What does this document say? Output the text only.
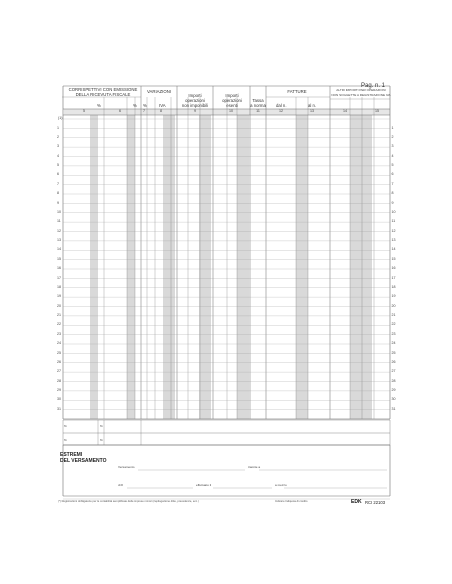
Pag. n. 1
CORRISPETTIVI CON EMISSIONE
DELLA RICEVUTA FISCALE
VARIAZIONI
Importi
operazioni
non imponibili
Importi
operazioni
esenti
Tassa
a norma
FATTURE	ALTRI IMPORTI PER OPERAZIONI
NON SOGGETTE A REGISTRAZIONE IVA
%	% %	IVA	dal n.	al n.
5	6	7	8	9	10	11	12	13	14	15
(1)
1	1
2	2
3	3
4	4
5	5
6	6
7	7
8	8
9	9
10	10
11	11
12	12
13	13
14	14
15	15
16	16
17	17
18	18
19	19
20	20
21	21
22	22
23	23
24	24
25	25
26	26
27	27
28	28
29	29
30	30
31	31
%	%
%	%
ESTREMI
DEL VERSAMENTO
Versamento	tramite a
di €	effettuato il	a mezzo
(*) Registrazioni obbligatorie per le contabilità semplificate delle imprese minori (riepilogazione ditte, precedenze, ecc.)	Indicare l'aliquota di credito	EDK RCI 22103
